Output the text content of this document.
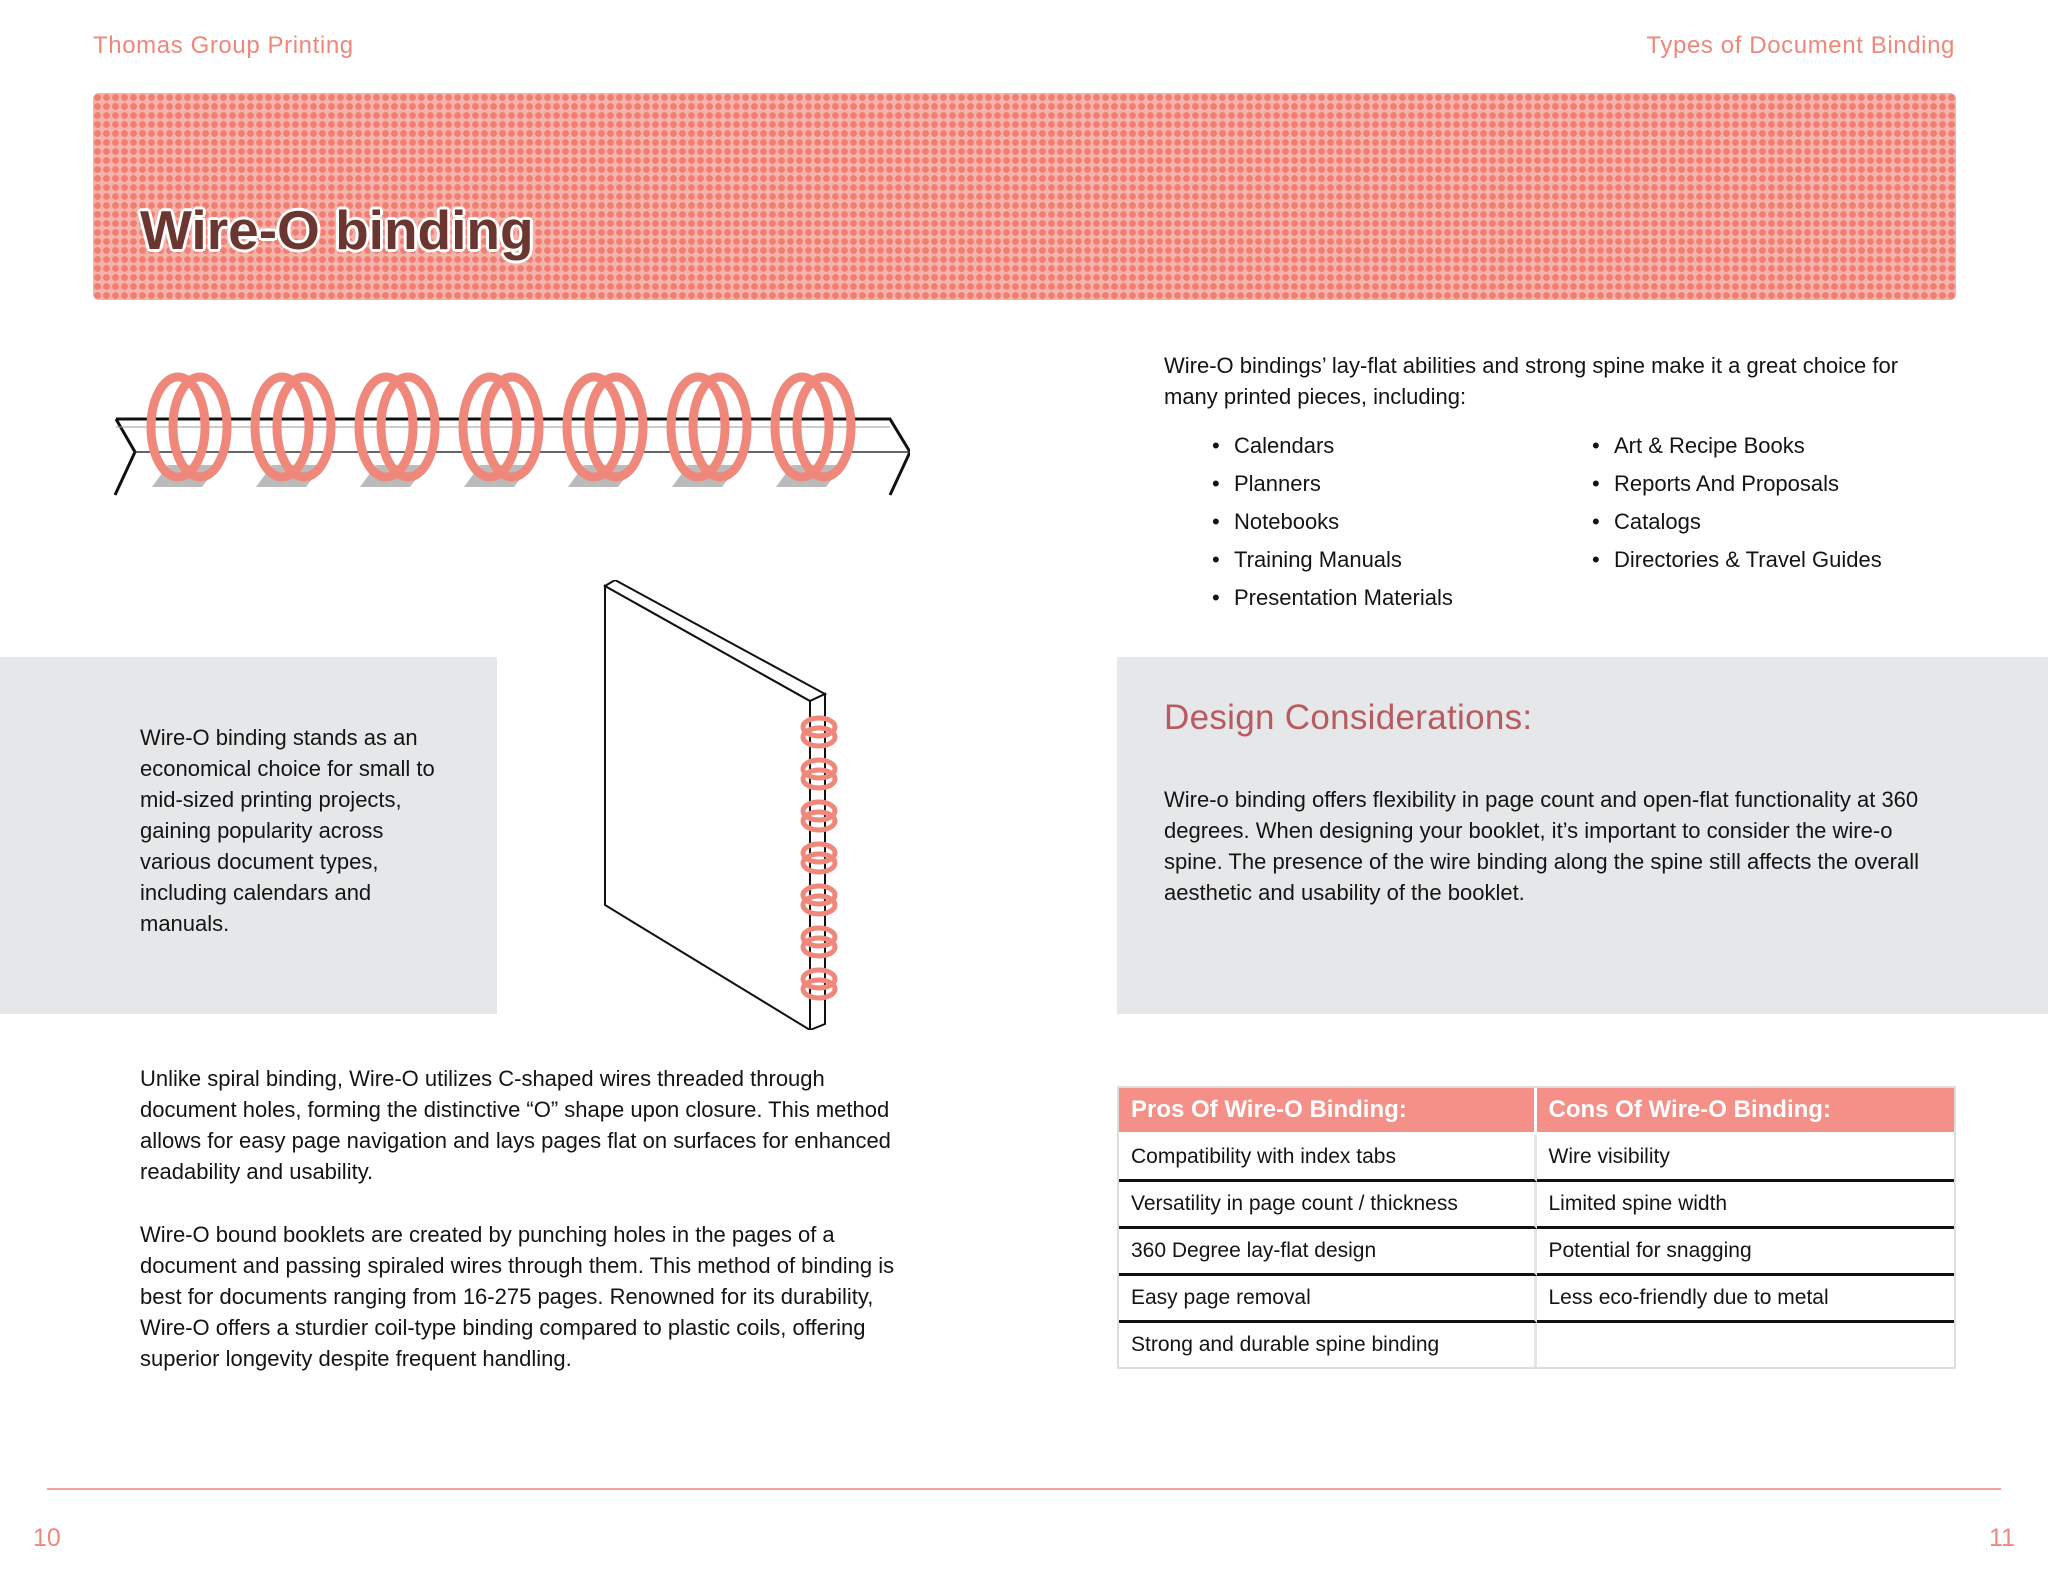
Thomas Group Printing	Types of Document Binding
Wire-O binding
Wire-O bindings’ lay-flat abilities and strong spine make it a great choice for many printed pieces, including:
• Calendars
• Planners
• Notebooks
• Training Manuals
• Presentation Materials
• Art & Recipe Books
• Reports And Proposals
• Catalogs
• Directories & Travel Guides
Wire-O binding stands as an economical choice for small to mid-sized printing projects, gaining popularity across various document types, including calendars and manuals.
Design Considerations:
Wire-o binding offers flexibility in page count and open-flat functionality at 360 degrees. When designing your booklet, it’s important to consider the wire-o spine. The presence of the wire binding along the spine still affects the overall aesthetic and usability of the booklet.
Unlike spiral binding, Wire-O utilizes C-shaped wires threaded through document holes, forming the distinctive “O” shape upon closure. This method allows for easy page navigation and lays pages flat on surfaces for enhanced readability and usability.
Wire-O bound booklets are created by punching holes in the pages of a document and passing spiraled wires through them. This method of binding is best for documents ranging from 16-275 pages. Renowned for its durability, Wire-O offers a sturdier coil-type binding compared to plastic coils, offering superior longevity despite frequent handling.
Pros Of Wire-O Binding:	Cons Of Wire-O Binding:
Compatibility with index tabs	Wire visibility
Versatility in page count / thickness	Limited spine width
360 Degree lay-flat design	Potential for snagging
Easy page removal	Less eco-friendly due to metal
Strong and durable spine binding	
10	11
